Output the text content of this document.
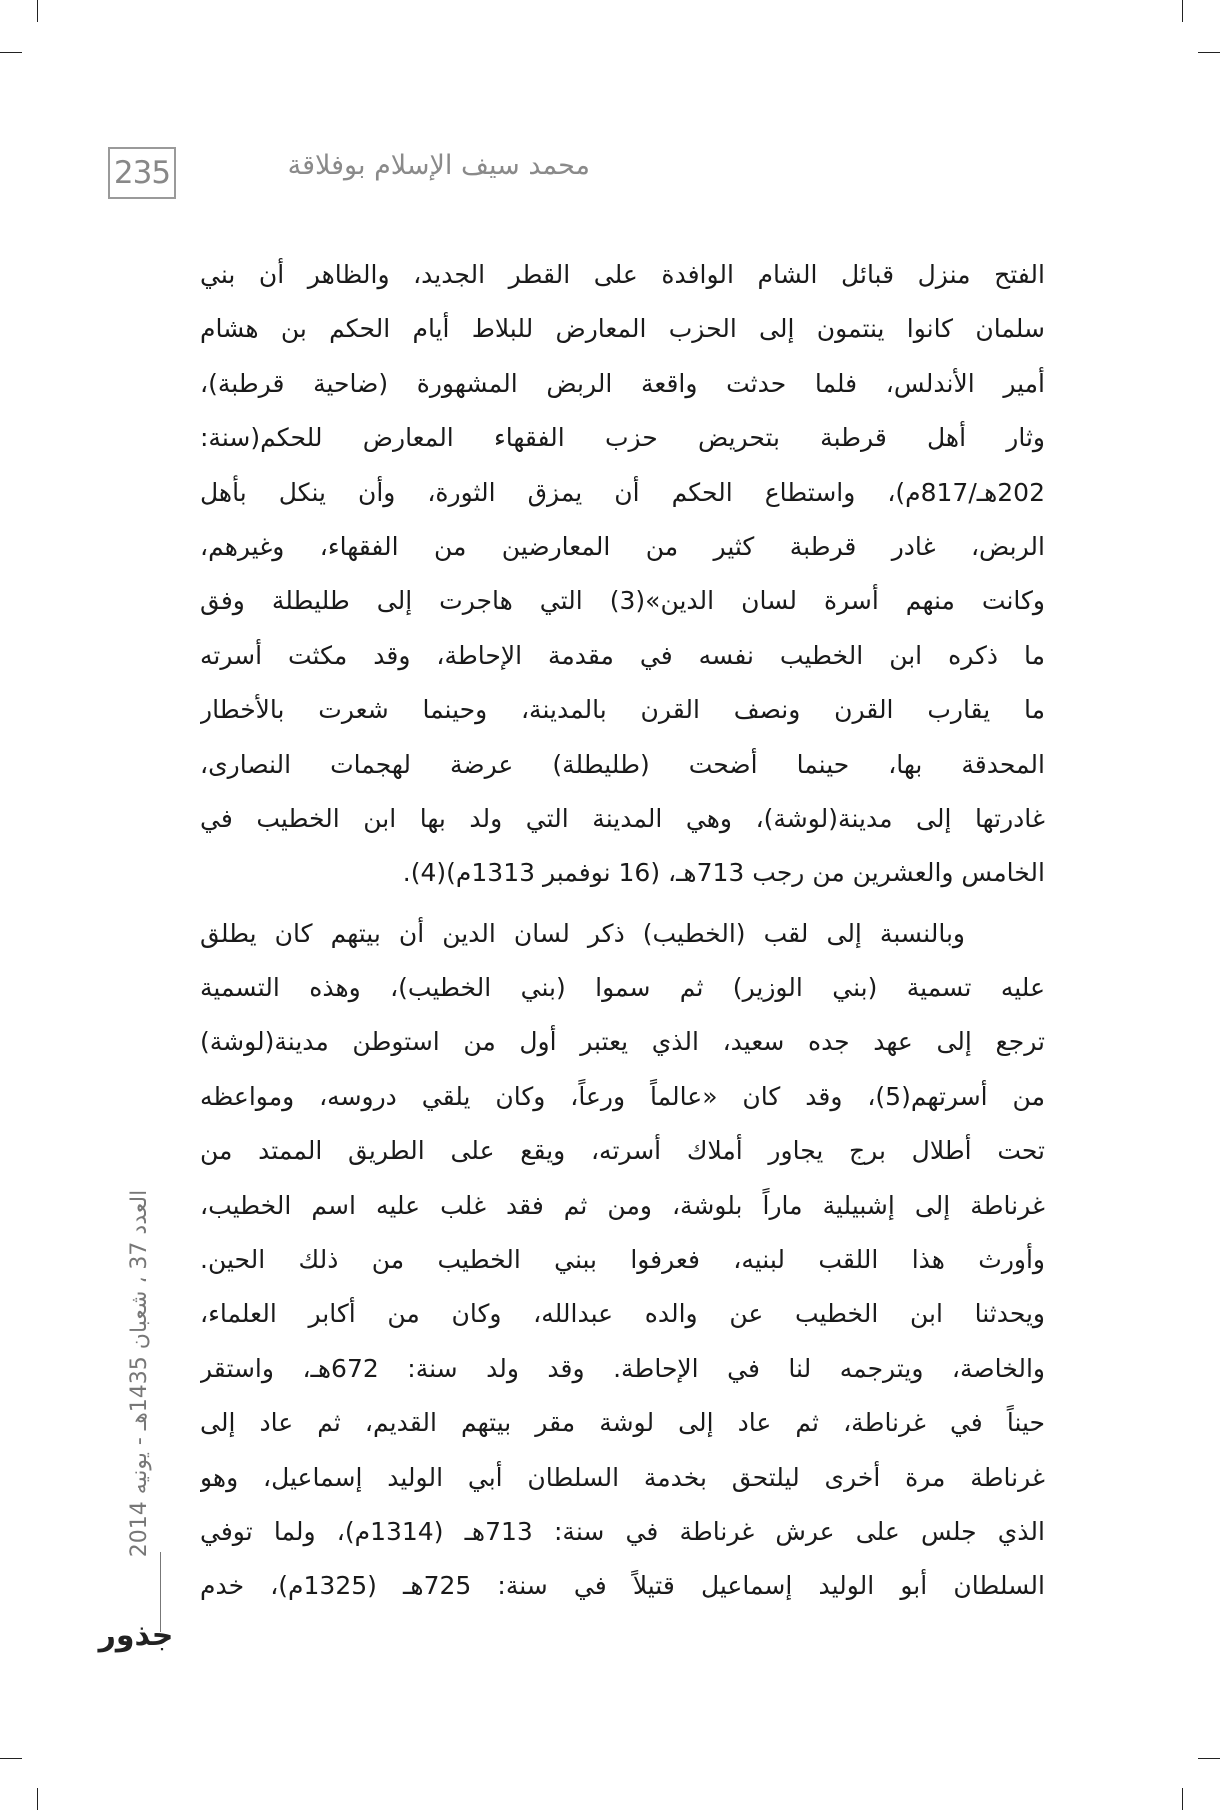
235	محمد سيف الإسلام بوفلاقة
الفتح منزل قبائل الشام الوافدة على القطر الجديد، والظاهر أن بني
سلمان كانوا ينتمون إلى الحزب المعارض للبلاط أيام الحكم بن هشام
أمير الأندلس، فلما حدثت واقعة الربض المشهورة (ضاحية قرطبة)،
وثار أهل قرطبة بتحريض حزب الفقهاء المعارض للحكم(سنة:
202هـ/817م)، واستطاع الحكم أن يمزق الثورة، وأن ينكل بأهل
الربض، غادر قرطبة كثير من المعارضين من الفقهاء، وغيرهم،
وكانت منهم أسرة لسان الدين»(3) التي هاجرت إلى طليطلة وفق
ما ذكره ابن الخطيب نفسه في مقدمة الإحاطة، وقد مكثت أسرته
ما يقارب القرن ونصف القرن بالمدينة، وحينما شعرت بالأخطار
المحدقة بها، حينما أضحت (طليطلة) عرضة لهجمات النصارى،
غادرتها إلى مدينة(لوشة)، وهي المدينة التي ولد بها ابن الخطيب في
الخامس والعشرين من رجب 713هـ، (16 نوفمبر 1313م)(4).
وبالنسبة إلى لقب (الخطيب) ذكر لسان الدين أن بيتهم كان يطلق
عليه تسمية (بني الوزير) ثم سموا (بني الخطيب)، وهذه التسمية
ترجع إلى عهد جده سعيد، الذي يعتبر أول من استوطن مدينة(لوشة)
من أسرتهم(5)، وقد كان «عالماً ورعاً، وكان يلقي دروسه، ومواعظه
تحت أطلال برج يجاور أملاك أسرته، ويقع على الطريق الممتد من
غرناطة إلى إشبيلية ماراً بلوشة، ومن ثم فقد غلب عليه اسم الخطيب،
وأورث هذا اللقب لبنيه، فعرفوا ببني الخطيب من ذلك الحين.
ويحدثنا ابن الخطيب عن والده عبدالله، وكان من أكابر العلماء،
والخاصة، ويترجمه لنا في الإحاطة. وقد ولد سنة: 672هـ، واستقر
حيناً في غرناطة، ثم عاد إلى لوشة مقر بيتهم القديم، ثم عاد إلى
غرناطة مرة أخرى ليلتحق بخدمة السلطان أبي الوليد إسماعيل، وهو
الذي جلس على عرش غرناطة في سنة: 713هـ (1314م)، ولما توفي
السلطان أبو الوليد إسماعيل قتيلاً في سنة: 725هـ (1325م)، خدم
العدد 37 ، شعبان 1435هـ - يونيه 2014
جذور
